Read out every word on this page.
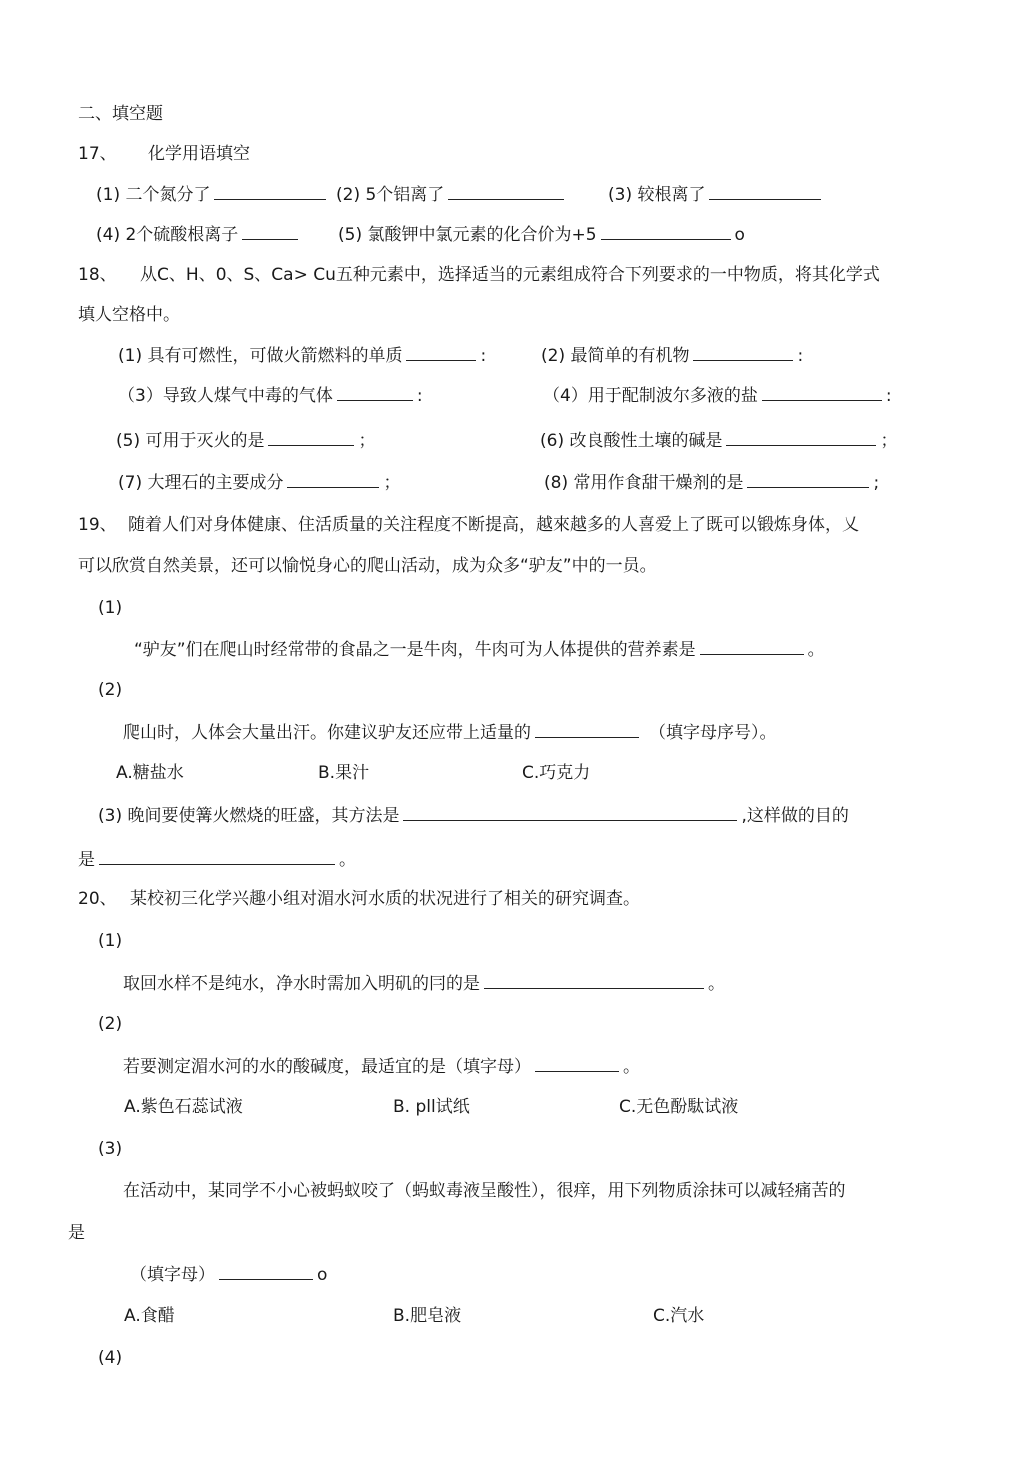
二、填空题
17、 化学用语填空
(1) 二个氮分了	(2) 5个铝离了	(3) 较根离了
(4) 2个硫酸根离子	(5) 氯酸钾中氯元素的化合价为+5	o
18、 从C、H、0、S、Ca> Cu五种元素中，选择适当的元素组成符合下列要求的一中物质，将其化学式
填人空格中。
(1) 具有可燃性，可做火箭燃料的单质	:	(2) 最简单的有机物	:
（3）导致人煤气中毒的气体	:	（4）用于配制波尔多液的盐	:
(5) 可用于灭火的是	；	(6) 改良酸性土壤的碱是	；
(7) 大理石的主要成分	；	(8) 常用作食甜干燥剂的是	;
19、 随着人们对身体健康、住活质量的关注程度不断提高，越來越多的人喜爱上了既可以锻炼身体，乂
可以欣赏自然美景，还可以愉悦身心的爬山活动，成为众多“驴友”中的一员。
(1)
“驴友”们在爬山时经常带的食晶之一是牛肉，牛肉可为人体提供的营养素是	。
(2)
爬山时，人体会大量出汗。你建议驴友还应带上适量的	（填字母序号）。
A.糖盐水	B.果汁	C.巧克力
(3) 晚间要使篝火燃烧的旺盛，其方法是	,这样做的目的
是	。
20、 某校初三化学兴趣小组对湄水河水质的状况进行了相关的研究调查。
(1)
取回水样不是纯水，净水时需加入明矶的冃的是	。
(2)
若要测定湄水河的水的酸碱度，最适宜的是（填字母）	。
A.紫色石蕊试液	B. pll试纸	C.无色酚駄试液
(3)
在活动中，某同学不小心被蚂蚁咬了（蚂蚁毒液呈酸性），很痒，用下列物质涂抹可以减轻痛苦的
是
（填字母）	o
A.食醋	B.肥皂液	C.汽水
(4)
